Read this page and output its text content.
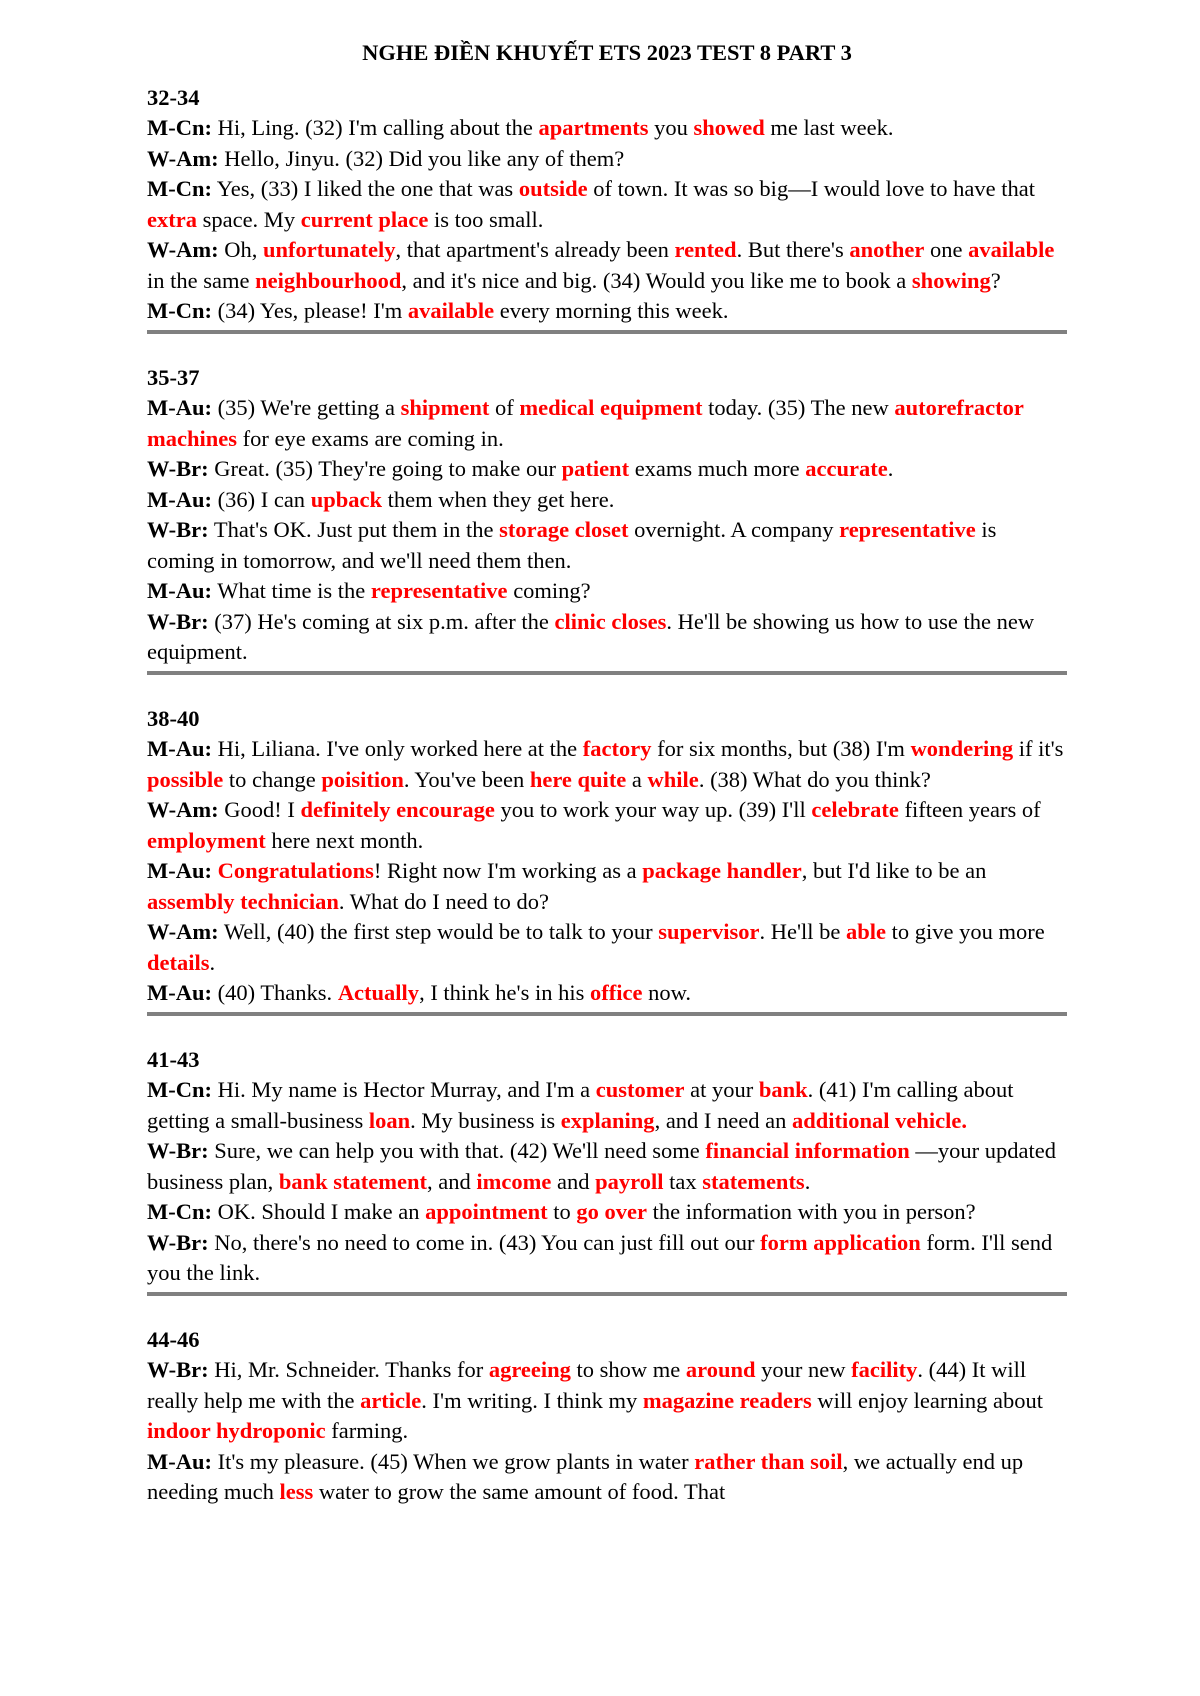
NGHE ĐIỀN KHUYẾT ETS 2023 TEST 8 PART 3
32-34
M-Cn: Hi, Ling. (32) I'm calling about the apartments you showed me last week.
W-Am: Hello, Jinyu. (32) Did you like any of them?
M-Cn: Yes, (33) I liked the one that was outside of town. It was so big—I would love to have that extra space. My current place is too small.
W-Am: Oh, unfortunately, that apartment's already been rented. But there's another one available in the same neighbourhood, and it's nice and big. (34) Would you like me to book a showing?
M-Cn: (34) Yes, please! I'm available every morning this week.
35-37
M-Au: (35) We're getting a shipment of medical equipment today. (35) The new autorefractor machines for eye exams are coming in.
W-Br: Great. (35) They're going to make our patient exams much more accurate.
M-Au: (36) I can upback them when they get here.
W-Br: That's OK. Just put them in the storage closet overnight. A company representative is coming in tomorrow, and we'll need them then.
M-Au: What time is the representative coming?
W-Br: (37) He's coming at six p.m. after the clinic closes. He'll be showing us how to use the new equipment.
38-40
M-Au: Hi, Liliana. I've only worked here at the factory for six months, but (38) I'm wondering if it's possible to change poisition. You've been here quite a while. (38) What do you think?
W-Am: Good! I definitely encourage you to work your way up. (39) I'll celebrate fifteen years of employment here next month.
M-Au: Congratulations! Right now I'm working as a package handler, but I'd like to be an assembly technician. What do I need to do?
W-Am: Well, (40) the first step would be to talk to your supervisor. He'll be able to give you more details.
M-Au: (40) Thanks. Actually, I think he's in his office now.
41-43
M-Cn: Hi. My name is Hector Murray, and I'm a customer at your bank. (41) I'm calling about getting a small-business loan. My business is explaning, and I need an additional vehicle.
W-Br: Sure, we can help you with that. (42) We'll need some financial information —your updated business plan, bank statement, and imcome and payroll tax statements.
M-Cn: OK. Should I make an appointment to go over the information with you in person?
W-Br: No, there's no need to come in. (43) You can just fill out our form application form. I'll send you the link.
44-46
W-Br: Hi, Mr. Schneider. Thanks for agreeing to show me around your new facility. (44) It will really help me with the article. I'm writing. I think my magazine readers will enjoy learning about indoor hydroponic farming.
M-Au: It's my pleasure. (45) When we grow plants in water rather than soil, we actually end up needing much less water to grow the same amount of food. That
